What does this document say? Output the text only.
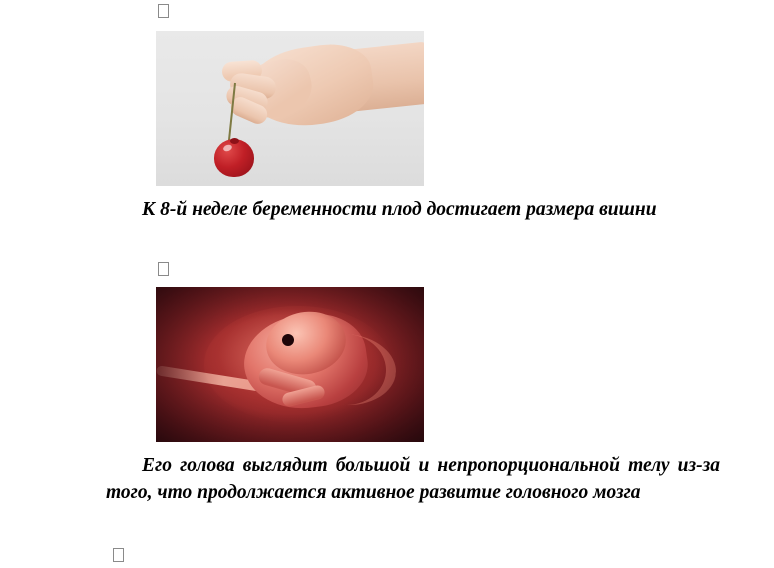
К 8-й неделе беременности плод достигает размера вишни
Его голова выглядит большой и непропорциональной телу из-за того, что продолжается активное развитие головного мозга
